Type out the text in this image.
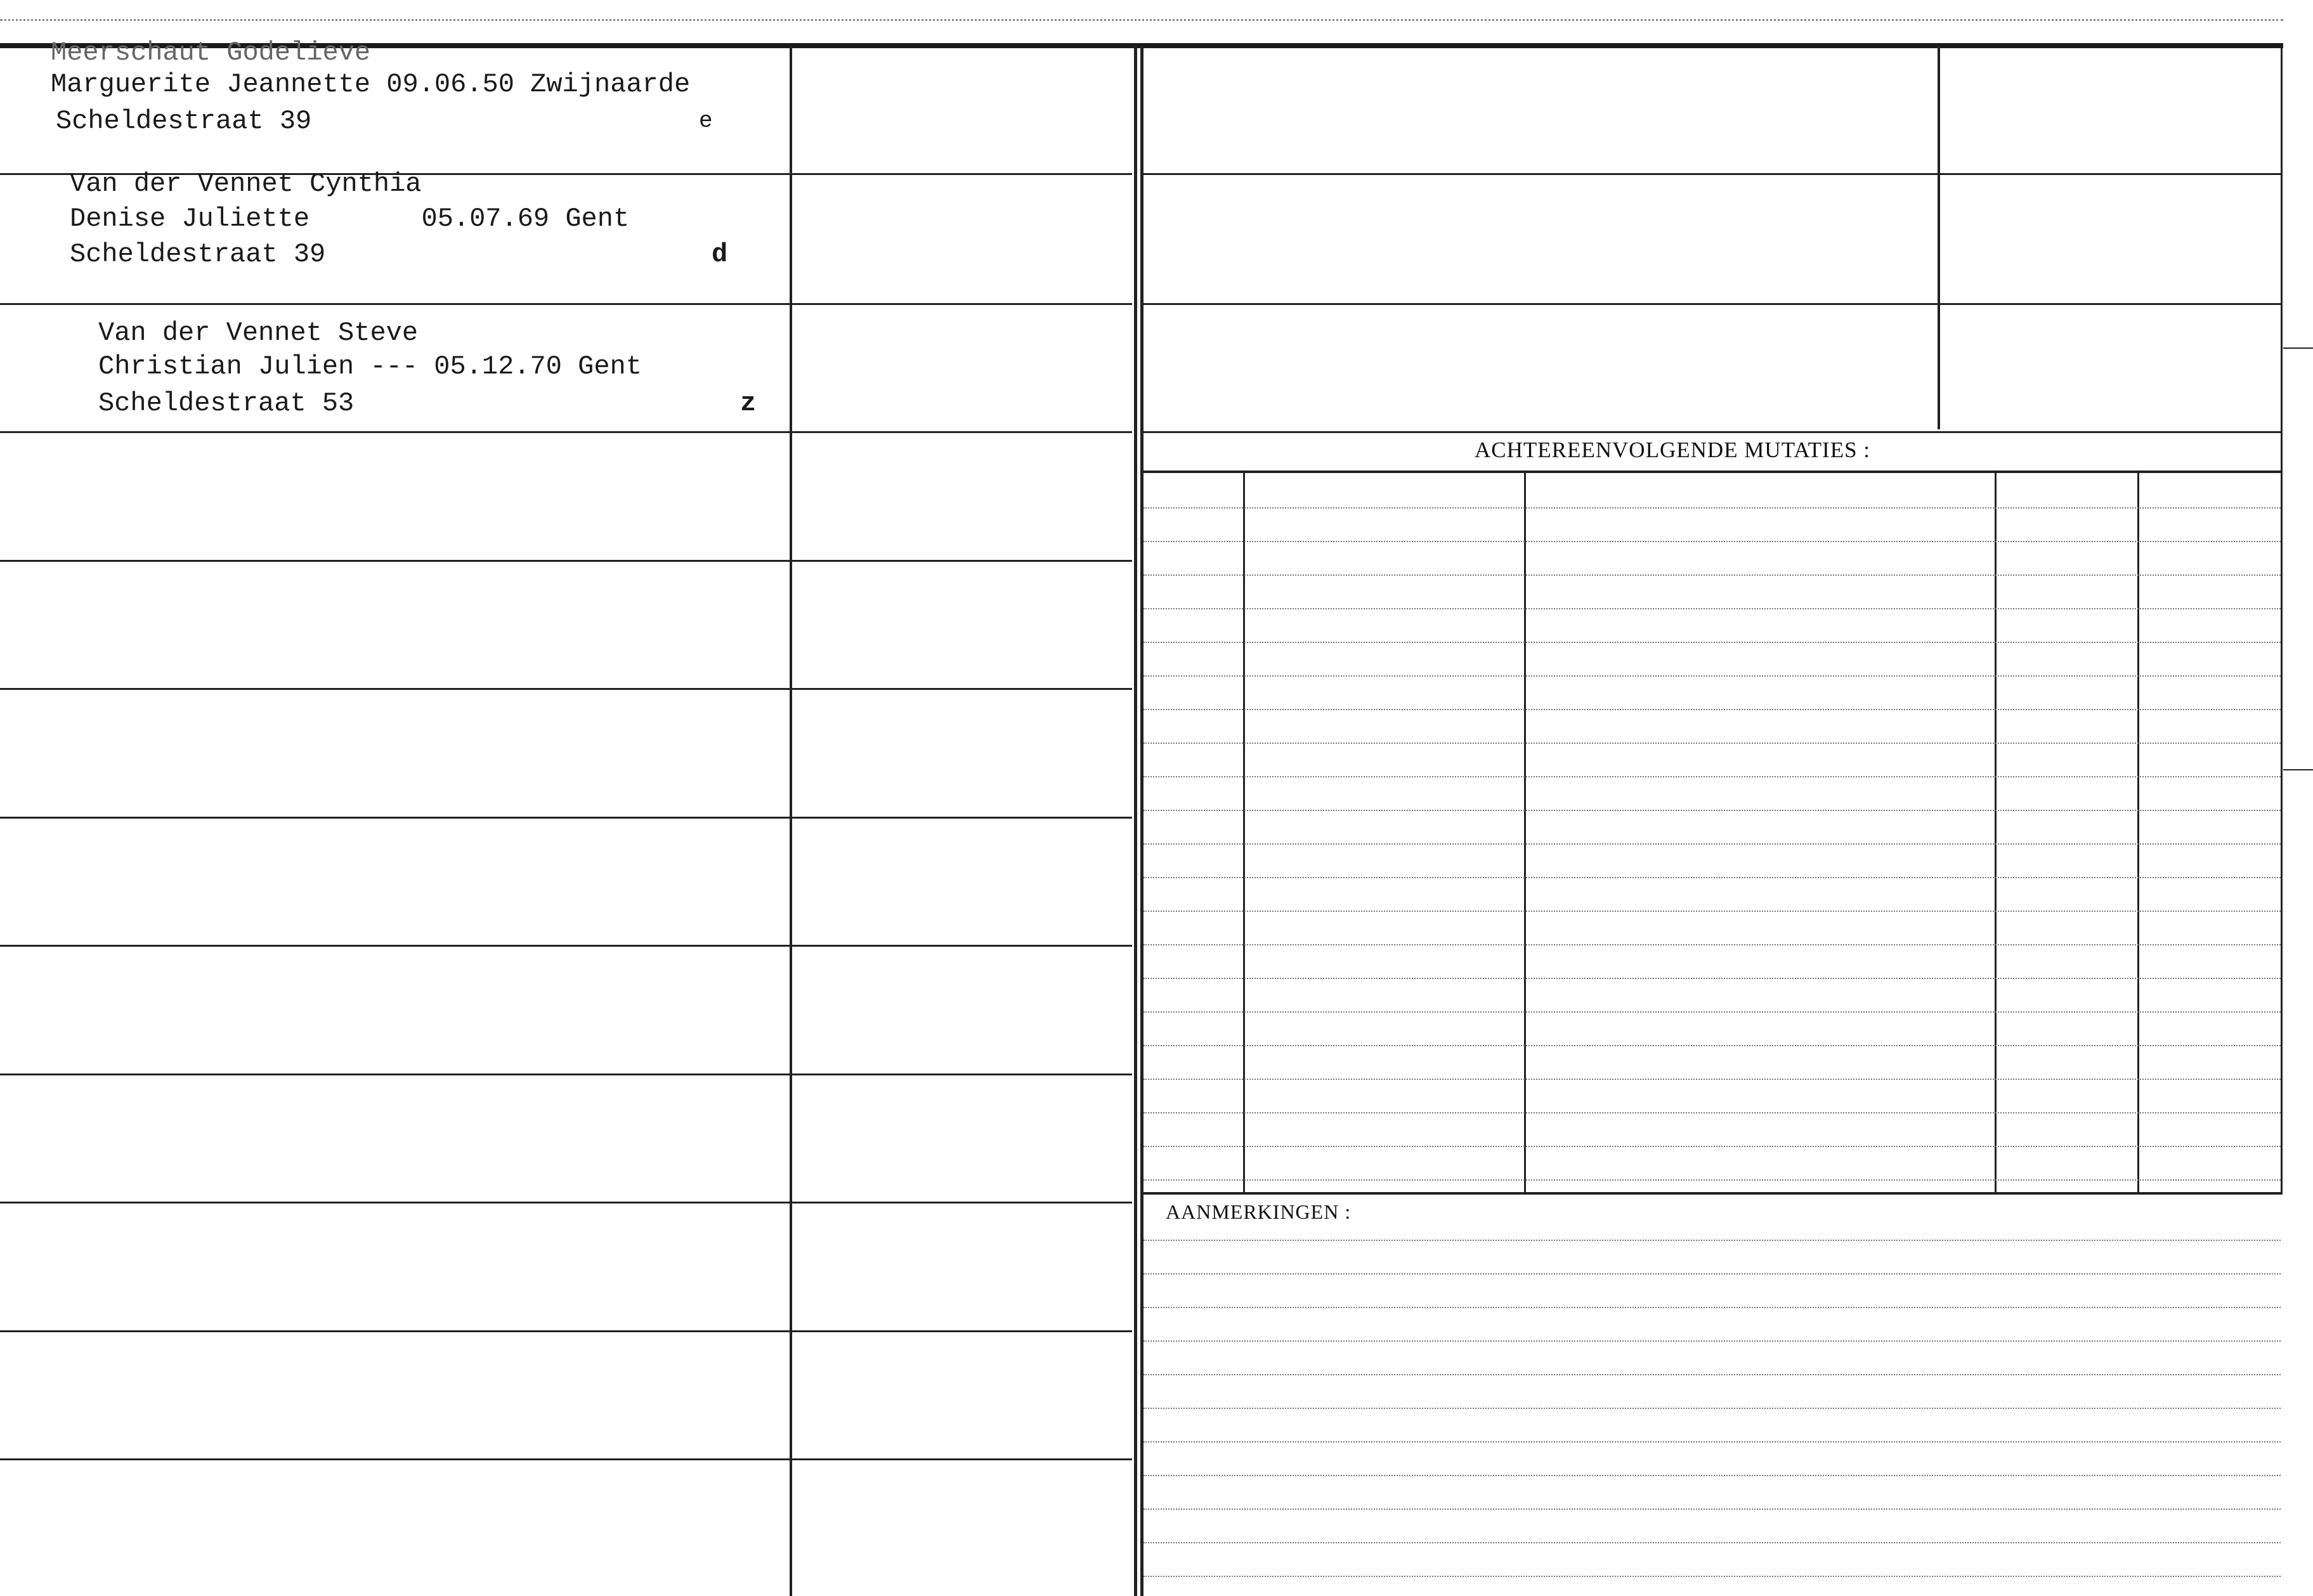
Meerschaut Godelieve
Marguerite Jeannette 09.06.50 Zwijnaarde
Scheldestraat 39	e
Van der Vennet Cynthia
Denise Juliette       05.07.69 Gent
Scheldestraat 39	d
Van der Vennet Steve
Christian Julien --- 05.12.70 Gent
Scheldestraat 53	z
ACHTEREENVOLGENDE MUTATIES :
AANMERKINGEN :
